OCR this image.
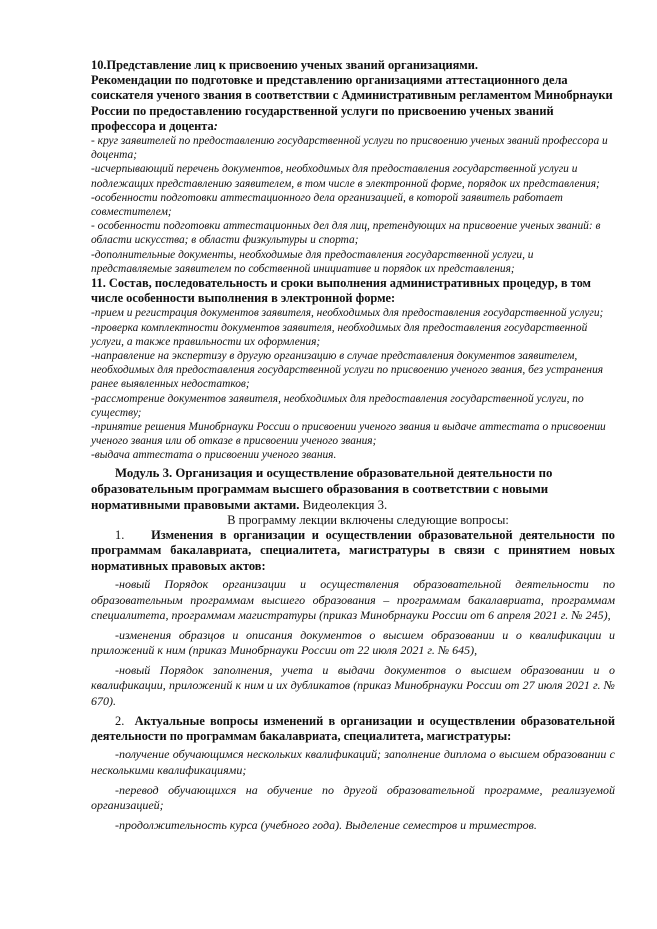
10.Представление лиц к присвоению ученых званий организациями.

Рекомендации по подготовке и представлению организациями аттестационного дела соискателя ученого звания в соответствии с Административным регламентом Минобрнауки России по предоставлению государственной услуги по присвоению ученых званий профессора и доцента:

- круг заявителей по предоставлению государственной услуги по присвоению ученых званий профессора и доцента;

-исчерпывающий перечень документов, необходимых для предоставления государственной услуги и подлежащих представлению заявителем, в том числе в электронной форме, порядок их представления;

-особенности подготовки аттестационного дела организацией, в которой заявитель работает совместителем;

- особенности подготовки аттестационных дел для лиц, претендующих на присвоение ученых званий: в области искусства; в области физкультуры и спорта;

-дополнительные документы, необходимые для предоставления государственной услуги, и представляемые заявителем по собственной инициативе и порядок их представления;

11. Состав, последовательность и сроки выполнения административных процедур, в том числе особенности выполнения в электронной форме:

-прием и регистрация документов заявителя, необходимых для предоставления государственной услуги;

-проверка комплектности документов заявителя, необходимых для предоставления государственной услуги, а также правильности их оформления;

-направление на экспертизу в другую организацию в случае представления документов заявителем, необходимых для предоставления государственной услуги по присвоению ученого звания, без устранения ранее выявленных недостатков;

-рассмотрение документов заявителя, необходимых для предоставления государственной услуги, по существу;

-принятие решения Минобрнауки России о присвоении ученого звания и выдаче аттестата о присвоении ученого звания или об отказе в присвоении ученого звания;

-выдача аттестата о присвоении ученого звания.

Модуль 3. Организация и осуществление образовательной деятельности по образовательным программам высшего образования в соответствии с новыми нормативными правовыми актами. Видеолекция 3.

В программу лекции включены следующие вопросы:

1. Изменения в организации и осуществлении образовательной деятельности по программам бакалавриата, специалитета, магистратуры в связи с принятием новых нормативных правовых актов:

-новый Порядок организации и осуществления образовательной деятельности по образовательным программам высшего образования – программам бакалавриата, программам специалитета, программам магистратуры (приказ Минобрнауки России от 6 апреля 2021 г. № 245),

-изменения образцов и описания документов о высшем образовании и о квалификации и приложений к ним (приказ Минобрнауки России от 22 июля 2021 г. № 645),

-новый Порядок заполнения, учета и выдачи документов о высшем образовании и о квалификации, приложений к ним и их дубликатов (приказ Минобрнауки России от 27 июля 2021 г. № 670).

2. Актуальные вопросы изменений в организации и осуществлении образовательной деятельности по программам бакалавриата, специалитета, магистратуры:

-получение обучающимся нескольких квалификаций; заполнение диплома о высшем образовании с несколькими квалификациями;

-перевод обучающихся на обучение по другой образовательной программе, реализуемой организацией;

-продолжительность курса (учебного года). Выделение семестров и триместров.
